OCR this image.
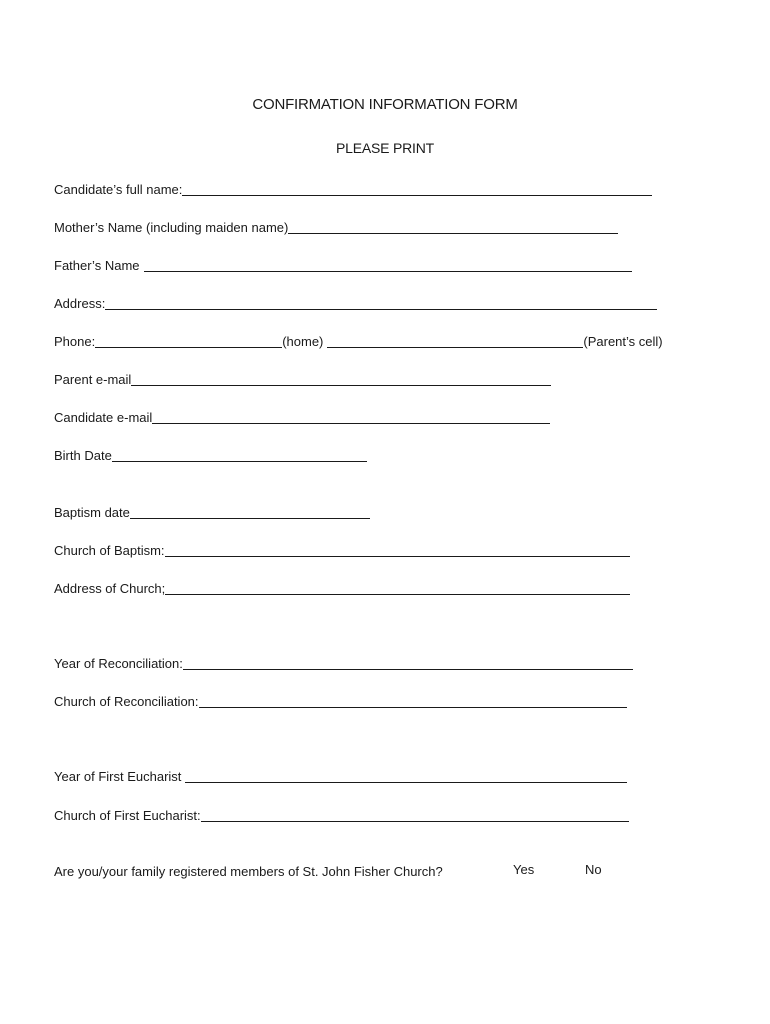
CONFIRMATION INFORMATION FORM
PLEASE PRINT
Candidate’s full name:
Mother’s Name (including maiden name)
Father’s Name
Address:
Phone:	(home)	(Parent’s cell)
Parent e-mail
Candidate e-mail
Birth Date
Baptism date
Church of Baptism:
Address of Church;
Year of Reconciliation:
Church of Reconciliation:
Year of First Eucharist
Church of First Eucharist:
Are you/your family registered members of St. John Fisher Church?	Yes	No
